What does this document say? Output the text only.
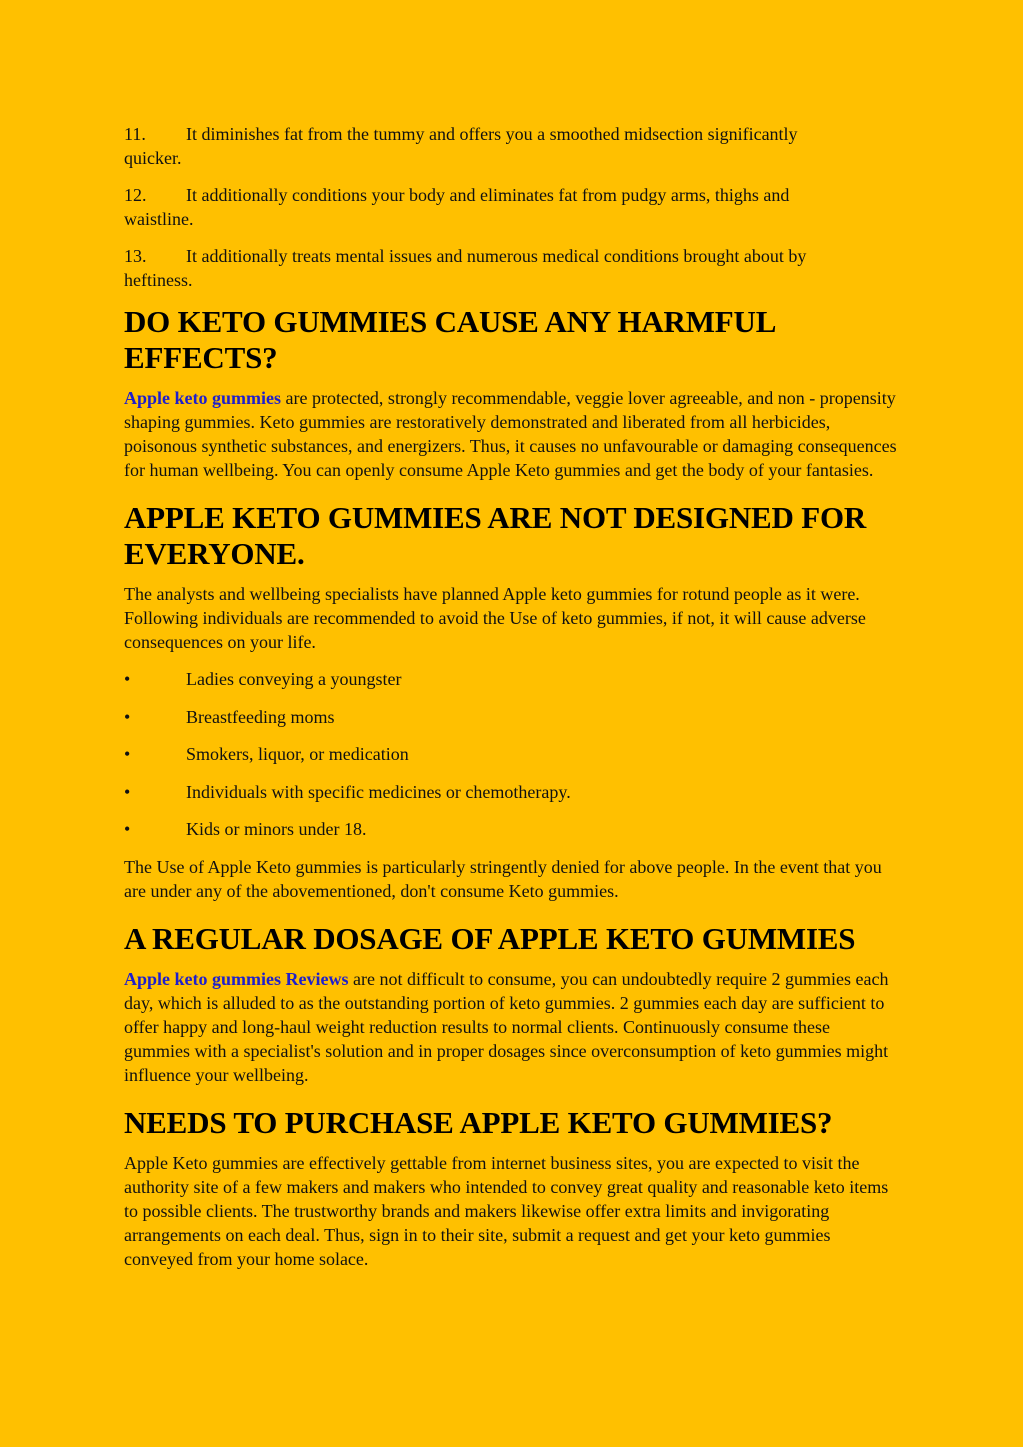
11. It diminishes fat from the tummy and offers you a smoothed midsection significantly
quicker.
12. It additionally conditions your body and eliminates fat from pudgy arms, thighs and
waistline.
13. It additionally treats mental issues and numerous medical conditions brought about by
heftiness.
DO KETO GUMMIES CAUSE ANY HARMFUL
EFFECTS?

Apple keto gummies are protected, strongly recommendable, veggie lover agreeable, and non - propensity shaping gummies. Keto gummies are restoratively demonstrated and liberated from all herbicides, poisonous synthetic substances, and energizers. Thus, it causes no unfavourable or damaging consequences for human wellbeing. You can openly consume Apple Keto gummies and get the body of your fantasies.

APPLE KETO GUMMIES ARE NOT DESIGNED FOR
EVERYONE.

The analysts and wellbeing specialists have planned Apple keto gummies for rotund people as it were. Following individuals are recommended to avoid the Use of keto gummies, if not, it will cause adverse consequences on your life.

•	Ladies conveying a youngster
•	Breastfeeding moms
•	Smokers, liquor, or medication
•	Individuals with specific medicines or chemotherapy.
•	Kids or minors under 18.

The Use of Apple Keto gummies is particularly stringently denied for above people. In the event that you are under any of the abovementioned, don't consume Keto gummies.

A REGULAR DOSAGE OF APPLE KETO GUMMIES

Apple keto gummies Reviews are not difficult to consume, you can undoubtedly require 2 gummies each day, which is alluded to as the outstanding portion of keto gummies. 2 gummies each day are sufficient to offer happy and long-haul weight reduction results to normal clients. Continuously consume these gummies with a specialist's solution and in proper dosages since overconsumption of keto gummies might influence your wellbeing.

NEEDS TO PURCHASE APPLE KETO GUMMIES?

Apple Keto gummies are effectively gettable from internet business sites, you are expected to visit the authority site of a few makers and makers who intended to convey great quality and reasonable keto items to possible clients. The trustworthy brands and makers likewise offer extra limits and invigorating arrangements on each deal. Thus, sign in to their site, submit a request and get your keto gummies conveyed from your home solace.
